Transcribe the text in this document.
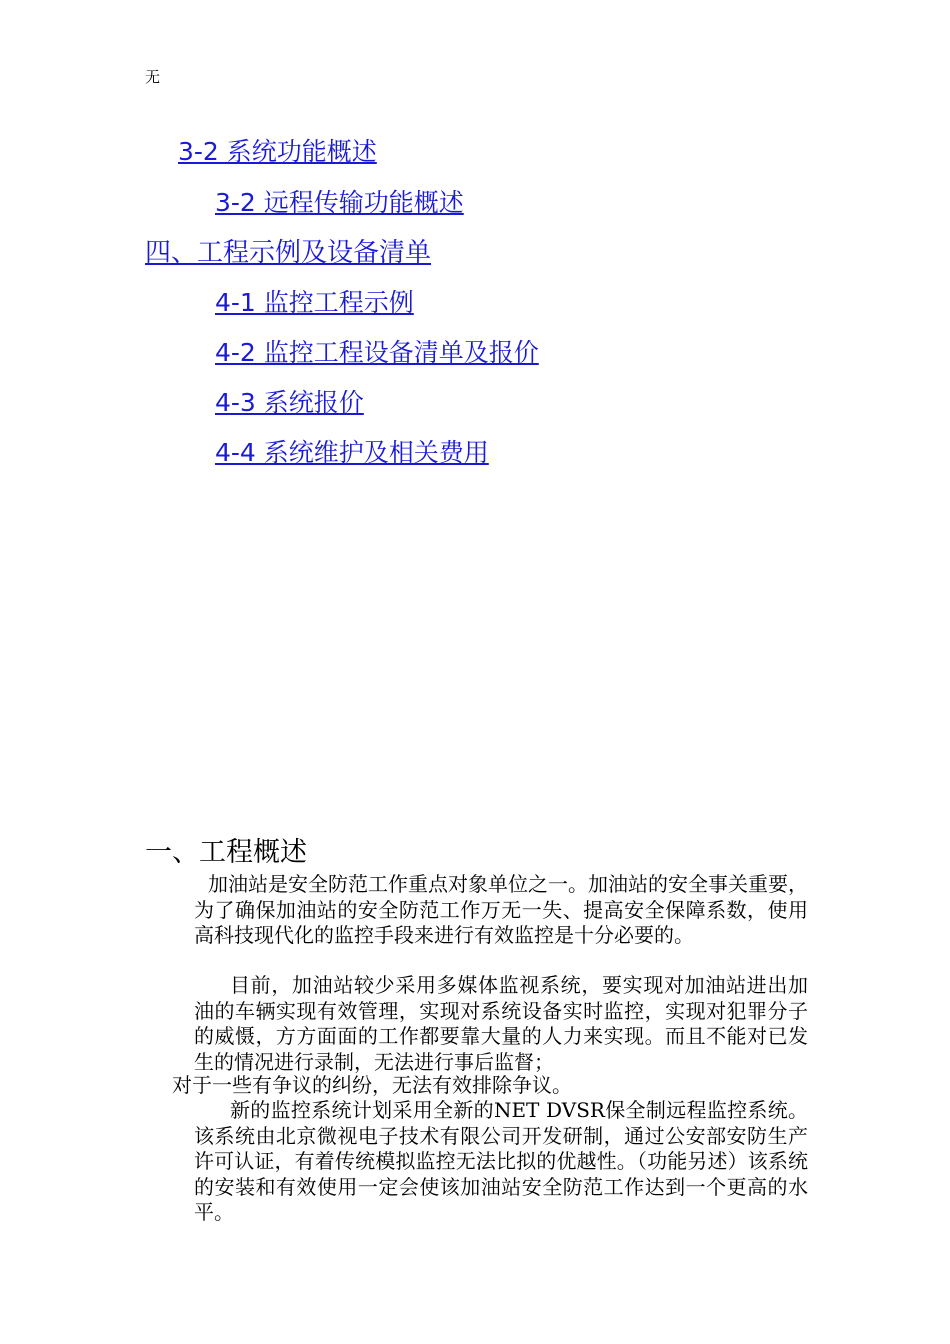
无
3-2 系统功能概述
3-2 远程传输功能概述
四、工程示例及设备清单
4-1 监控工程示例
4-2 监控工程设备清单及报价
4-3 系统报价
4-4 系统维护及相关费用
一、工程概述
加油站是安全防范工作重点对象单位之一。加油站的安全事关重要，为了确保加油站的安全防范工作万无一失、提高安全保障系数，使用高科技现代化的监控手段来进行有效监控是十分必要的。
目前，加油站较少采用多媒体监视系统，要实现对加油站进出加油的车辆实现有效管理，实现对系统设备实时监控，实现对犯罪分子的威慑，方方面面的工作都要靠大量的人力来实现。而且不能对已发生的情况进行录制，无法进行事后监督；
对于一些有争议的纠纷，无法有效排除争议。
新的监控系统计划采用全新的NET DVSR保全制远程监控系统。该系统由北京微视电子技术有限公司开发研制，通过公安部安防生产许可认证，有着传统模拟监控无法比拟的优越性。（功能另述）该系统的安装和有效使用一定会使该加油站安全防范工作达到一个更高的水平。
